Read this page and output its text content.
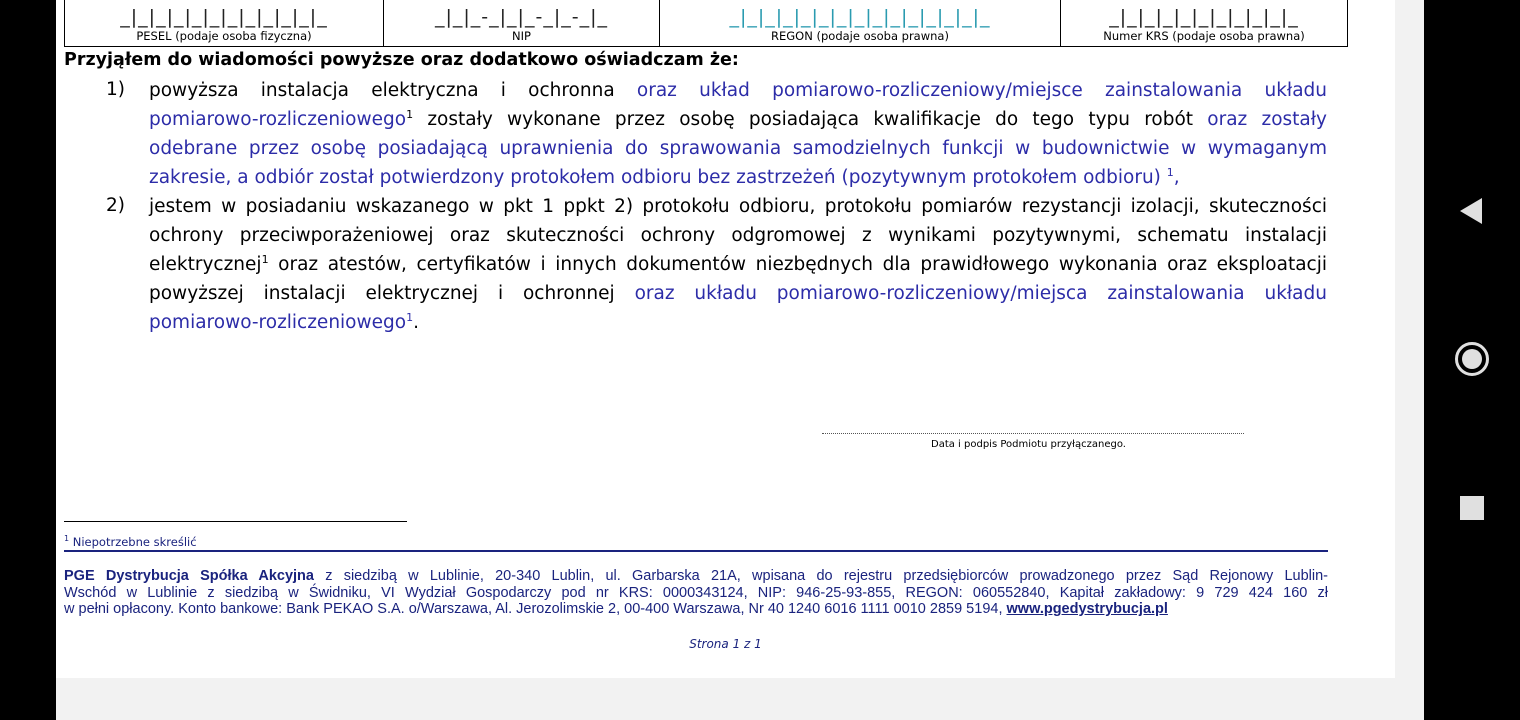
_|_|_|_|_|_|_|_|_|_|_|_
PESEL (podaje osoba fizyczna)
_|_|_-_|_|_-_|_-_|_
NIP
_|_|_|_|_|_|_|_|_|_|_|_|_|_|_
REGON (podaje osoba prawna)
_|_|_|_|_|_|_|_|_|_|_
Numer KRS (podaje osoba prawna)
Przyjąłem do wiadomości powyższe oraz dodatkowo oświadczam że:
1)	powyższa instalacja elektryczna i ochronna oraz układ pomiarowo-rozliczeniowy/miejsce zainstalowania układu
pomiarowo-rozliczeniowego$^1$ zostały wykonane przez osobę posiadająca kwalifikacje do tego typu robót oraz zostały
odebrane przez osobę posiadającą uprawnienia do sprawowania samodzielnych funkcji w budownictwie w wymaganym
zakresie, a odbiór został potwierdzony protokołem odbioru bez zastrzeżeń (pozytywnym protokołem odbioru) $^1$,
2)	jestem w posiadaniu wskazanego w pkt 1 ppkt 2) protokołu odbioru, protokołu pomiarów rezystancji izolacji, skuteczności
ochrony przeciwporażeniowej oraz skuteczności ochrony odgromowej z wynikami pozytywnymi, schematu instalacji
elektrycznej$^1$ oraz atestów, certyfikatów i innych dokumentów niezbędnych dla prawidłowego wykonania oraz eksploatacji
powyższej instalacji elektrycznej i ochronnej oraz układu pomiarowo-rozliczeniowy/miejsca zainstalowania układu
pomiarowo-rozliczeniowego$^1$.
Data i podpis Podmiotu przyłączanego.
$^1$ Niepotrzebne skreślić
PGE Dystrybucja Spółka Akcyjna z siedzibą w Lublinie, 20-340 Lublin, ul. Garbarska 21A, wpisana do rejestru przedsiębiorców prowadzonego przez Sąd Rejonowy Lublin-
Wschód w Lublinie z siedzibą w Świdniku, VI Wydział Gospodarczy pod nr KRS: 0000343124, NIP: 946-25-93-855, REGON: 060552840, Kapitał zakładowy: 9 729 424 160 zł
w pełni opłacony. Konto bankowe: Bank PEKAO S.A. o/Warszawa, Al. Jerozolimskie 2, 00-400 Warszawa, Nr 40 1240 6016 1111 0010 2859 5194, www.pgedystrybucja.pl
Strona 1 z 1
